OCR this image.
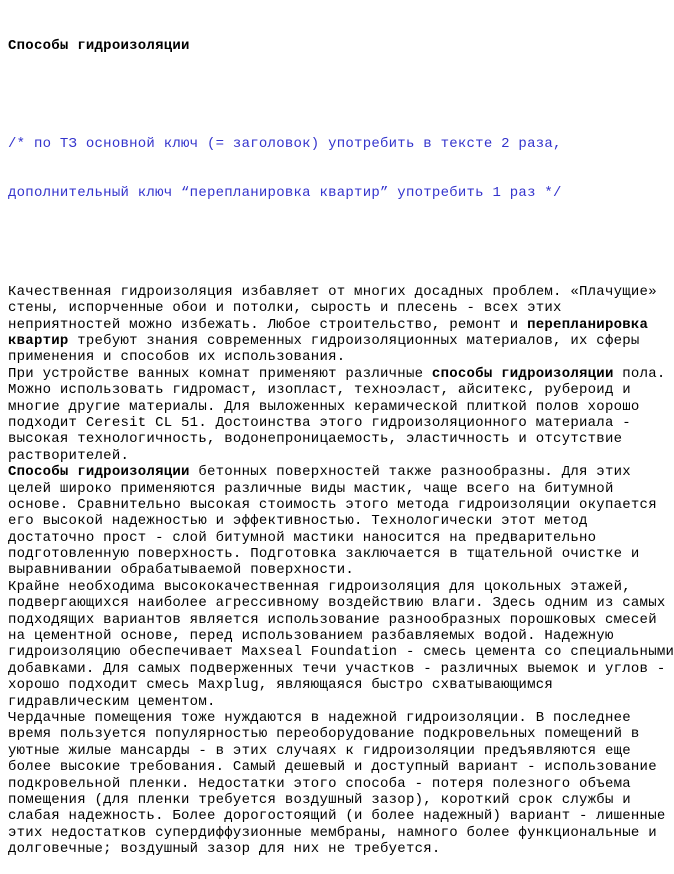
Способы гидроизоляции

/* по ТЗ основной ключ (= заголовок) употребить в тексте 2 раза,

дополнительный ключ “перепланировка квартир” употребить 1 раз */

Качественная гидроизоляция избавляет от многих досадных проблем. «Плачущие»
стены, испорченные обои и потолки, сырость и плесень - всех этих
неприятностей можно избежать. Любое строительство, ремонт и перепланировка
квартир требуют знания современных гидроизоляционных материалов, их сферы
применения и способов их использования.
При устройстве ванных комнат применяют различные способы гидроизоляции пола.
Можно использовать гидромаст, изопласт, техноэласт, айситекс, рубероид и
многие другие материалы. Для выложенных керамической плиткой полов хорошо
подходит Ceresit CL 51. Достоинства этого гидроизоляционного материала -
высокая технологичность, водонепроницаемость, эластичность и отсутствие
растворителей.
Способы гидроизоляции бетонных поверхностей также разнообразны. Для этих
целей широко применяются различные виды мастик, чаще всего на битумной
основе. Сравнительно высокая стоимость этого метода гидроизоляции окупается
его высокой надежностью и эффективностью. Технологически этот метод
достаточно прост - слой битумной мастики наносится на предварительно
подготовленную поверхность. Подготовка заключается в тщательной очистке и
выравнивании обрабатываемой поверхности.
Крайне необходима высококачественная гидроизоляция для цокольных этажей,
подвергающихся наиболее агрессивному воздействию влаги. Здесь одним из самых
подходящих вариантов является использование разнообразных порошковых смесей
на цементной основе, перед использованием разбавляемых водой. Надежную
гидроизоляцию обеспечивает Maxseal Foundation - смесь цемента со специальными
добавками. Для самых подверженных течи участков - различных выемок и углов -
хорошо подходит смесь Maxplug, являющаяся быстро схватывающимся
гидравлическим цементом.
Чердачные помещения тоже нуждаются в надежной гидроизоляции. В последнее
время пользуется популярностью переоборудование подкровельных помещений в
уютные жилые мансарды - в этих случаях к гидроизоляции предъявляются еще
более высокие требования. Самый дешевый и доступный вариант - использование
подкровельной пленки. Недостатки этого способа - потеря полезного объема
помещения (для пленки требуется воздушный зазор), короткий срок службы и
слабая надежность. Более дорогостоящий (и более надежный) вариант - лишенные
этих недостатков супердиффузионные мембраны, намного более функциональные и
долговечные; воздушный зазор для них не требуется.
